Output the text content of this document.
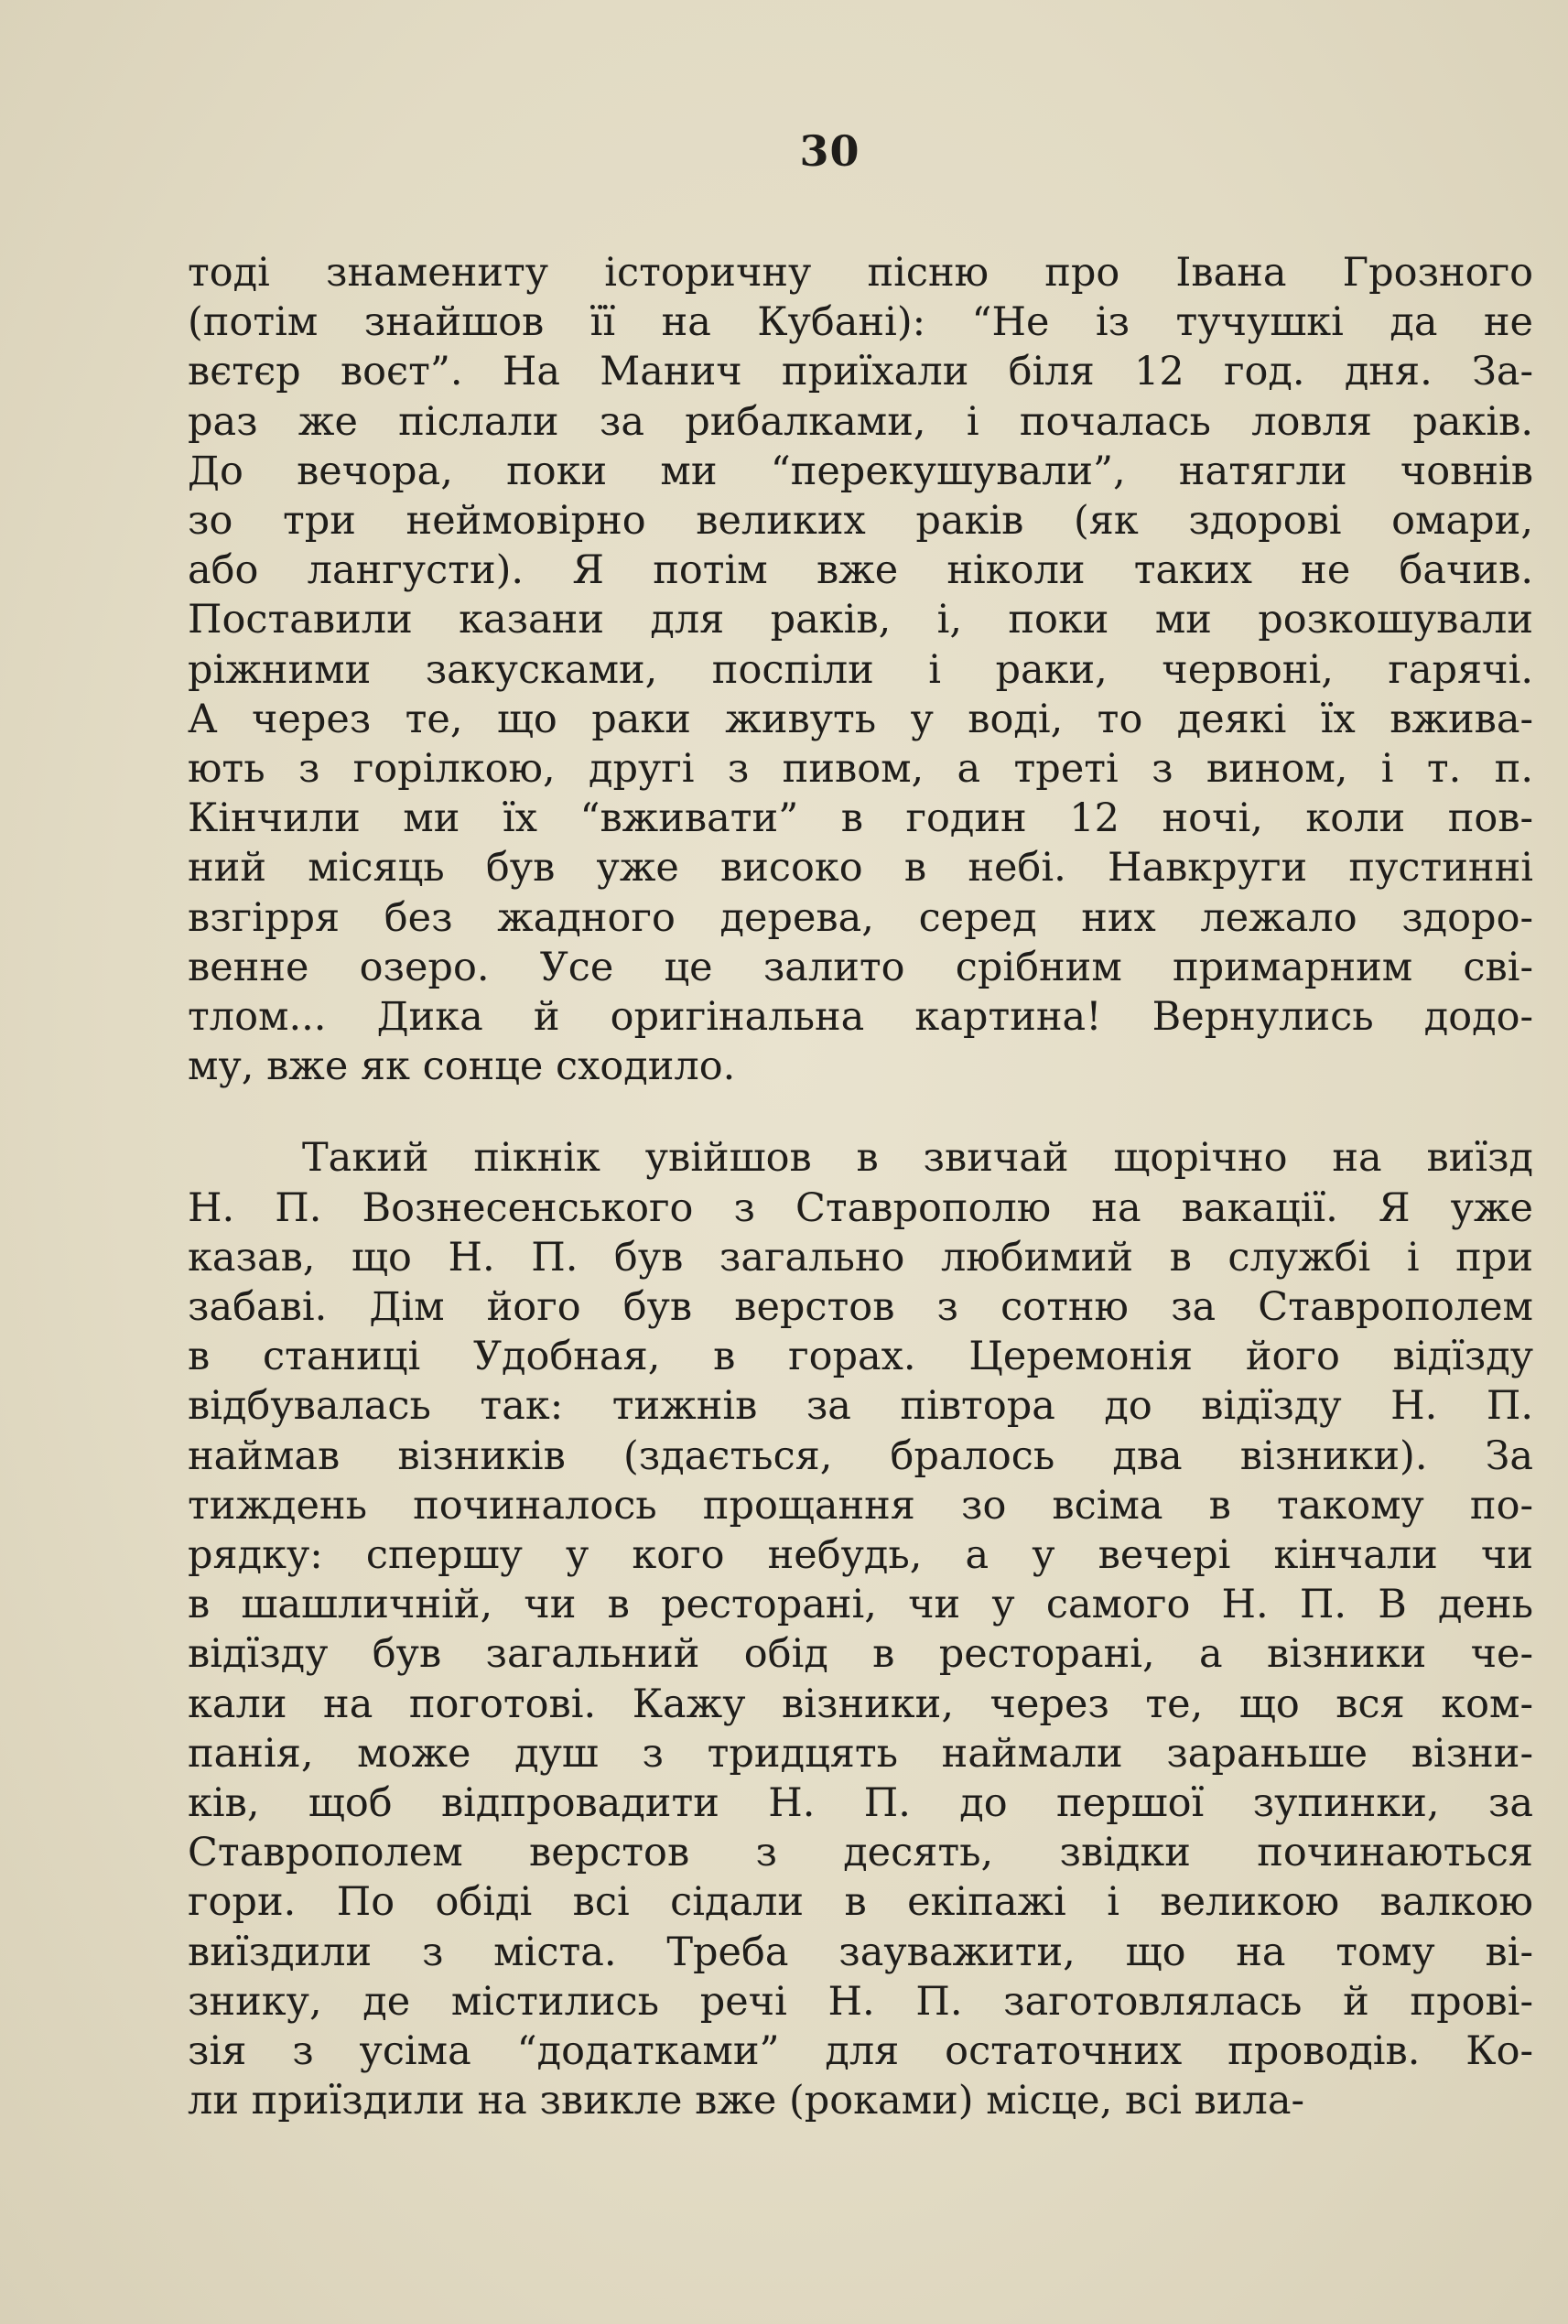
30
тоді знамениту історичну пісню про Івана Грозного
(потім знайшов її на Кубані): “Не із тучушкі да не
вєтєр воєт”. На Манич приїхали біля 12 год. дня. За-
раз же післали за рибалками, і почалась ловля раків.
До вечора, поки ми “перекушували”, натягли човнів
зо три неймовірно великих раків (як здорові омари,
або лангусти). Я потім вже ніколи таких не бачив.
Поставили казани для раків, і, поки ми розкошували
ріжними закусками, поспіли і раки, червоні, гарячі.
А через те, що раки живуть у воді, то деякі їх вжива-
ють з горілкою, другі з пивом, а треті з вином, і т. п.
Кінчили ми їх “вживати” в годин 12 ночі, коли пов-
ний місяць був уже високо в небі. Навкруги пустинні
взгірря без жадного дерева, серед них лежало здоро-
венне озеро. Усе це залито срібним примарним сві-
тлом... Дика й оригінальна картина! Вернулись додо-
му, вже як сонце сходило.
Такий пікнік увійшов в звичай щорічно на виїзд
Н. П. Вознесенського з Ставрополю на вакації. Я уже
казав, що Н. П. був загально любимий в службі і при
забаві. Дім його був верстов з сотню за Ставрополем
в станиці Удобная, в горах. Церемонія його відїзду
відбувалась так: тижнів за півтора до відїзду Н. П.
наймав візників (здається, бралось два візники). За
тиждень починалось прощання зо всіма в такому по-
рядку: спершу у кого небудь, а у вечері кінчали чи
в шашличній, чи в ресторані, чи у самого Н. П. В день
відїзду був загальний обід в ресторані, а візники че-
кали на поготові. Кажу візники, через те, що вся ком-
панія, може душ з тридцять наймали зараньше візни-
ків, щоб відпровадити Н. П. до першої зупинки, за
Ставрополем верстов з десять, звідки починаються
гори. По обіді всі сідали в екіпажі і великою валкою
виїздили з міста. Треба зауважити, що на тому ві-
знику, де містились речі Н. П. заготовлялась й прові-
зія з усіма “додатками” для остаточних проводів. Ко-
ли приїздили на звикле вже (роками) місце, всі вила-
